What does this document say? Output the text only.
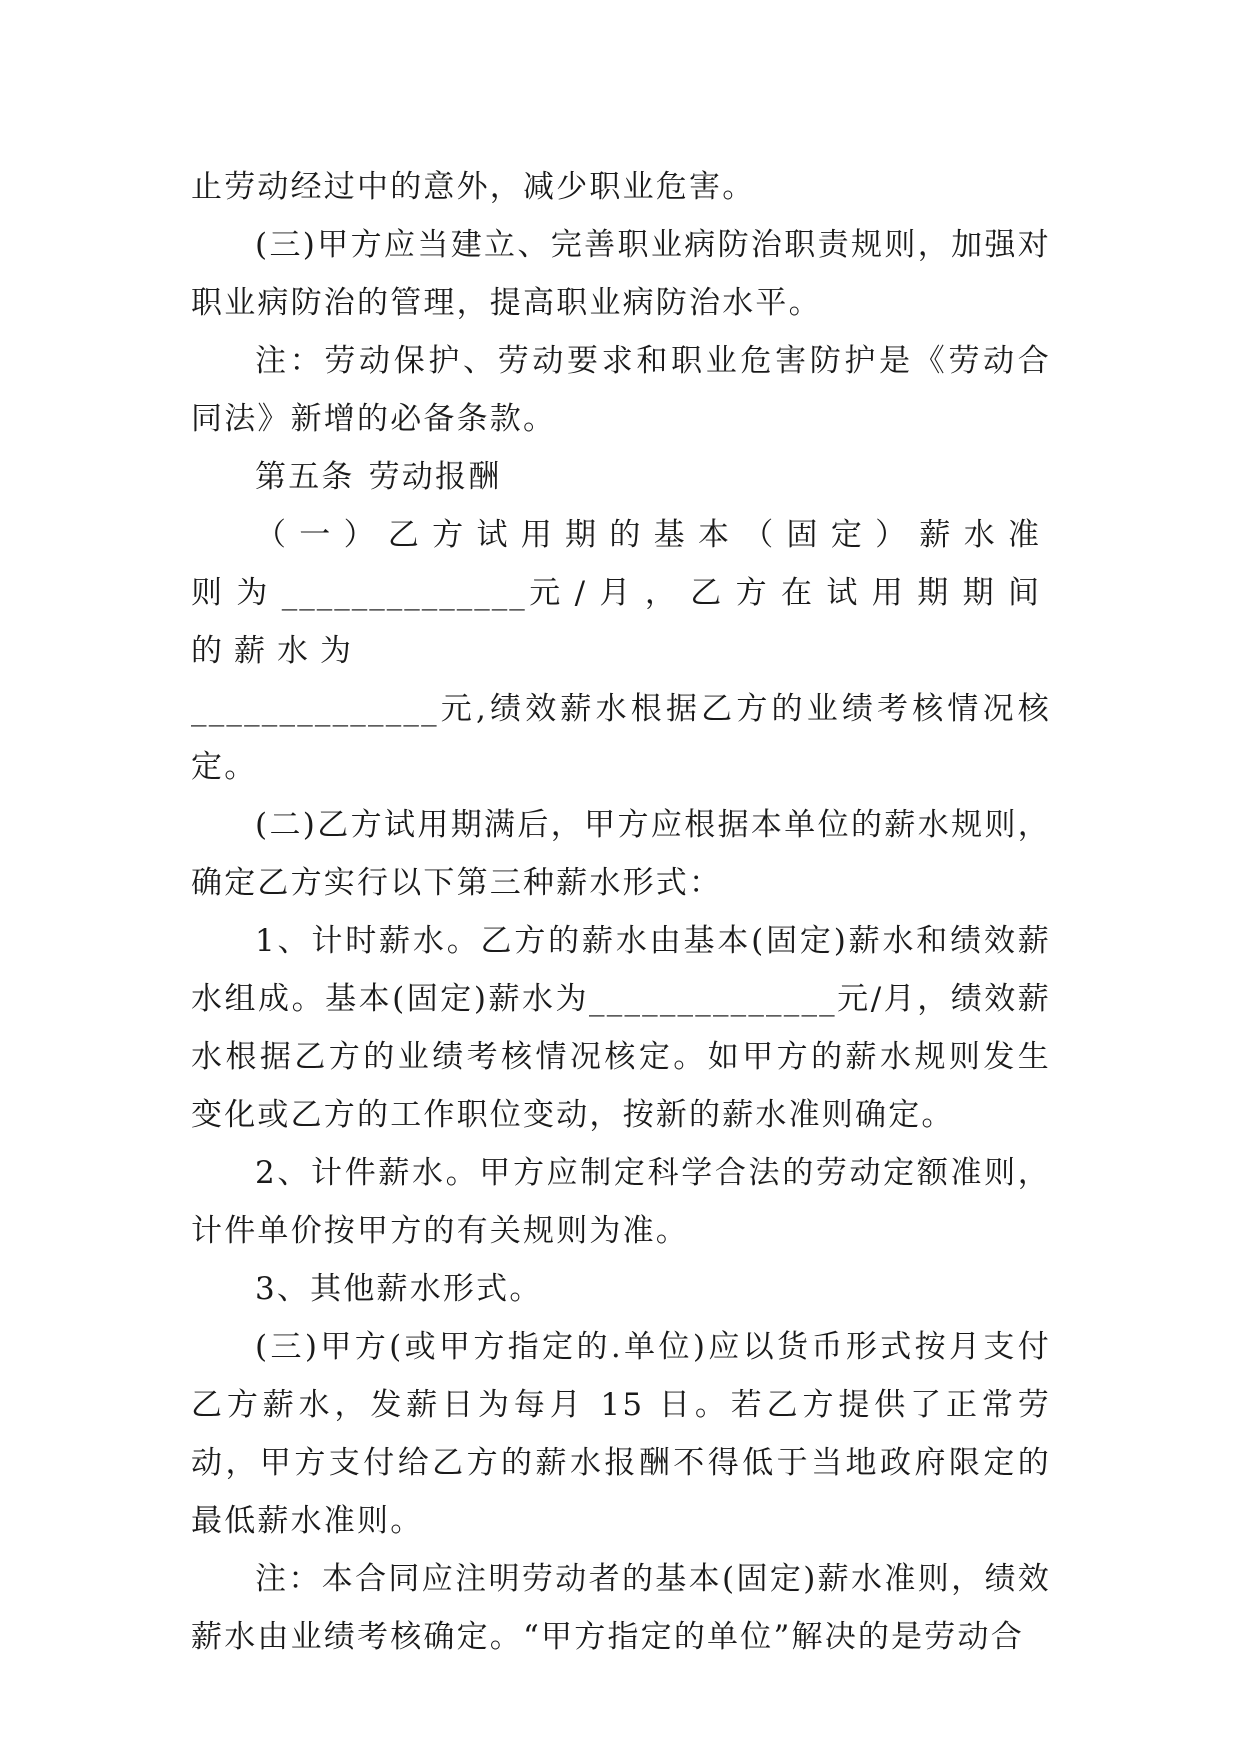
止劳动经过中的意外，减少职业危害。

(三)甲方应当建立、完善职业病防治职责规则，加强对职业病防治的管理，提高职业病防治水平。

注：劳动保护、劳动要求和职业危害防护是《劳动合同法》新增的必备条款。

第五条 劳动报酬

（一）乙方试用期的基本（固定）薪水准则为______________元/月，乙方在试用期期间的薪水为

______________元,绩效薪水根据乙方的业绩考核情况核定。

(二)乙方试用期满后，甲方应根据本单位的薪水规则，确定乙方实行以下第三种薪水形式：

1、计时薪水。乙方的薪水由基本(固定)薪水和绩效薪水组成。基本(固定)薪水为______________元/月，绩效薪水根据乙方的业绩考核情况核定。如甲方的薪水规则发生变化或乙方的工作职位变动，按新的薪水准则确定。

2、计件薪水。甲方应制定科学合法的劳动定额准则，计件单价按甲方的有关规则为准。

3、其他薪水形式。

(三)甲方(或甲方指定的.单位)应以货币形式按月支付乙方薪水，发薪日为每月 15 日。若乙方提供了正常劳动，甲方支付给乙方的薪水报酬不得低于当地政府限定的最低薪水准则。

注：本合同应注明劳动者的基本(固定)薪水准则，绩效薪水由业绩考核确定。“甲方指定的单位”解决的是劳动合
